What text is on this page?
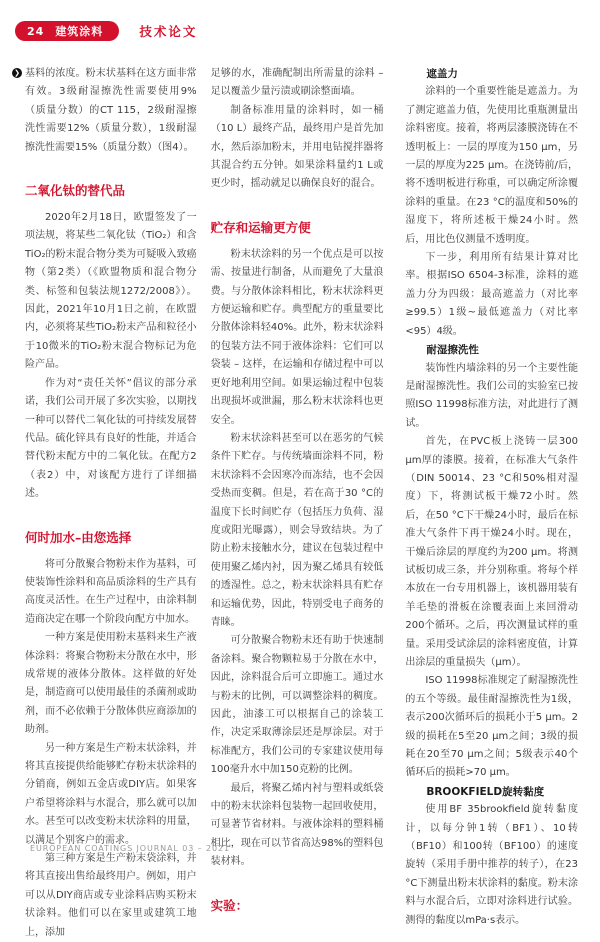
24 建筑涂料	技术论文
❯ 基料的浓度。粉末状基料在这方面非常有效。3级耐湿擦洗性需要使用9%（质量分数）的CT 115，2级耐湿擦洗性需要12%（质量分数），1级耐湿擦洗性需要15%（质量分数）（图4）。
二氧化钛的替代品
2020年2月18日，欧盟签发了一项法规，将某些二氧化钛（TiO₂）和含TiO₂的粉末混合物分类为可疑吸入致癌物（第2类）（《欧盟物质和混合物分类、标签和包装法规1272/2008》）。因此，2021年10月1日之前，在欧盟内，必须将某些TiO₂粉末产品和粒径小于10微米的TiO₂粉末混合物标记为危险产品。
作为对“责任关怀”倡议的部分承诺，我们公司开展了多次实验，以期找一种可以替代二氧化钛的可持续发展替代品。硫化锌具有良好的性能，并适合替代粉末配方中的二氧化钛。在配方2（表2）中，对该配方进行了详细描述。
何时加水–由您选择
将可分散聚合物粉末作为基料，可使装饰性涂料和高品质涂料的生产具有高度灵活性。在生产过程中，由涂料制造商决定在哪一个阶段向配方中加水。
一种方案是使用粉末基料来生产液体涂料：将聚合物粉末分散在水中，形成常规的液体分散体。这样做的好处是，制造商可以使用最佳的杀菌剂或助剂，而不必依赖于分散体供应商添加的助剂。
另一种方案是生产粉末状涂料，并将其直接提供给能够贮存粉末状涂料的分销商，例如五金店或DIY店。如果客户希望将涂料与水混合，那么就可以加水。甚至可以改变粉末状涂料的用量，以满足个别客户的需求。
第三种方案是生产粉末袋涂料，并将其直接出售给最终用户。例如，用户可以从DIY商店或专业涂料店购买粉末状涂料。他们可以在家里或建筑工地上，添加
足够的水，准确配制出所需量的涂料 – 足以覆盖少量污渍或刷涂整面墙。
制备标准用量的涂料时，如一桶（10 L）最终产品，最终用户是首先加水，然后添加粉末，并用电钻搅拌器将其混合约五分钟。如果涂料量约1 L或更少时，摇动就足以确保良好的混合。
贮存和运输更方便
粉末状涂料的另一个优点是可以按需、按量进行制备，从而避免了大量浪费。与分散体涂料相比，粉末状涂料更方便运输和贮存。典型配方的重量要比分散体涂料轻40%。此外，粉末状涂料的包装方法不同于液体涂料：它们可以袋装 – 这样，在运输和存储过程中可以更好地利用空间。如果运输过程中包装出现损坏或泄漏，那么粉末状涂料也更安全。
粉末状涂料甚至可以在恶劣的气候条件下贮存。与传统墙面涂料不同，粉末状涂料不会因寒冷而冻结，也不会因受热而变稠。但是，若在高于30 °C的温度下长时间贮存（包括压力负荷、湿度或阳光曝露），则会导致结块。为了防止粉末接触水分，建议在包装过程中使用聚乙烯内衬，因为聚乙烯具有较低的透湿性。总之，粉末状涂料具有贮存和运输优势，因此，特别受电子商务的青睐。
可分散聚合物粉末还有助于快速制备涂料。聚合物颗粒易于分散在水中，因此，涂料混合后可立即施工。通过水与粉末的比例，可以调整涂料的稠度。因此，油漆工可以根据自己的涂装工作，决定采取薄涂层还是厚涂层。对于标准配方，我们公司的专家建议使用每100毫升水中加150克粉的比例。
最后，将聚乙烯内衬与塑料或纸袋中的粉末状涂料包装物一起回收使用，可显著节省材料。与液体涂料的塑料桶相比，现在可以节省高达98%的塑料包装材料。
实验：
遮盖力
涂料的一个重要性能是遮盖力。为了测定遮盖力值，先使用比重瓶测量出涂料密度。接着，将两层漆膜浇铸在不透明板上：一层的厚度为150 μm，另一层的厚度为225 μm。在浇铸前/后，将不透明板进行称重，可以确定所涂覆涂料的重量。在23 °C的温度和50%的湿度下，将所述板干燥24小时。然后，用比色仪测量不透明度。
下一步，利用所有结果计算对比率。根据ISO 6504-3标准，涂料的遮盖力分为四级：最高遮盖力（对比率≥99.5）1级~最低遮盖力（对比率<95）4级。
耐湿擦洗性
装饰性内墙涂料的另一个主要性能是耐湿擦洗性。我们公司的实验室已按照ISO 11998标准方法，对此进行了测试。
首先，在PVC板上浇铸一层300 μm厚的漆膜。接着，在标准大气条件（DIN 50014、23 °C和50%相对湿度）下，将测试板干燥72小时。然后，在50 °C下干燥24小时，最后在标准大气条件下再干燥24小时。现在，干燥后涂层的厚度约为200 μm。将测试板切成三条，并分别称重。将每个样本放在一台专用机器上，该机器用装有羊毛垫的滑板在涂覆表面上来回滑动200个循环。之后，再次测量试样的重量。采用受试涂层的涂料密度值，计算出涂层的重量损失（μm）。
ISO 11998标准规定了耐湿擦洗性的五个等级。最佳耐湿擦洗性为1级，表示200次循环后的损耗小于5 μm。2级的损耗在5至20 μm之间；3级的损耗在20至70 μm之间；5级表示40个循环后的损耗>70 μm。
BROOKFIELD旋转黏度
使用BF 35brookfield旋转黏度计，以每分钟1转（BF1）、10转（BF10）和100转（BF100）的速度旋转（采用手册中推荐的转子），在23 °C下测量出粉末状涂料的黏度。粉末涂料与水混合后，立即对涂料进行试验。测得的黏度以mPa·s表示。
EUROPEAN COATINGS JOURNAL 03 – 2021
